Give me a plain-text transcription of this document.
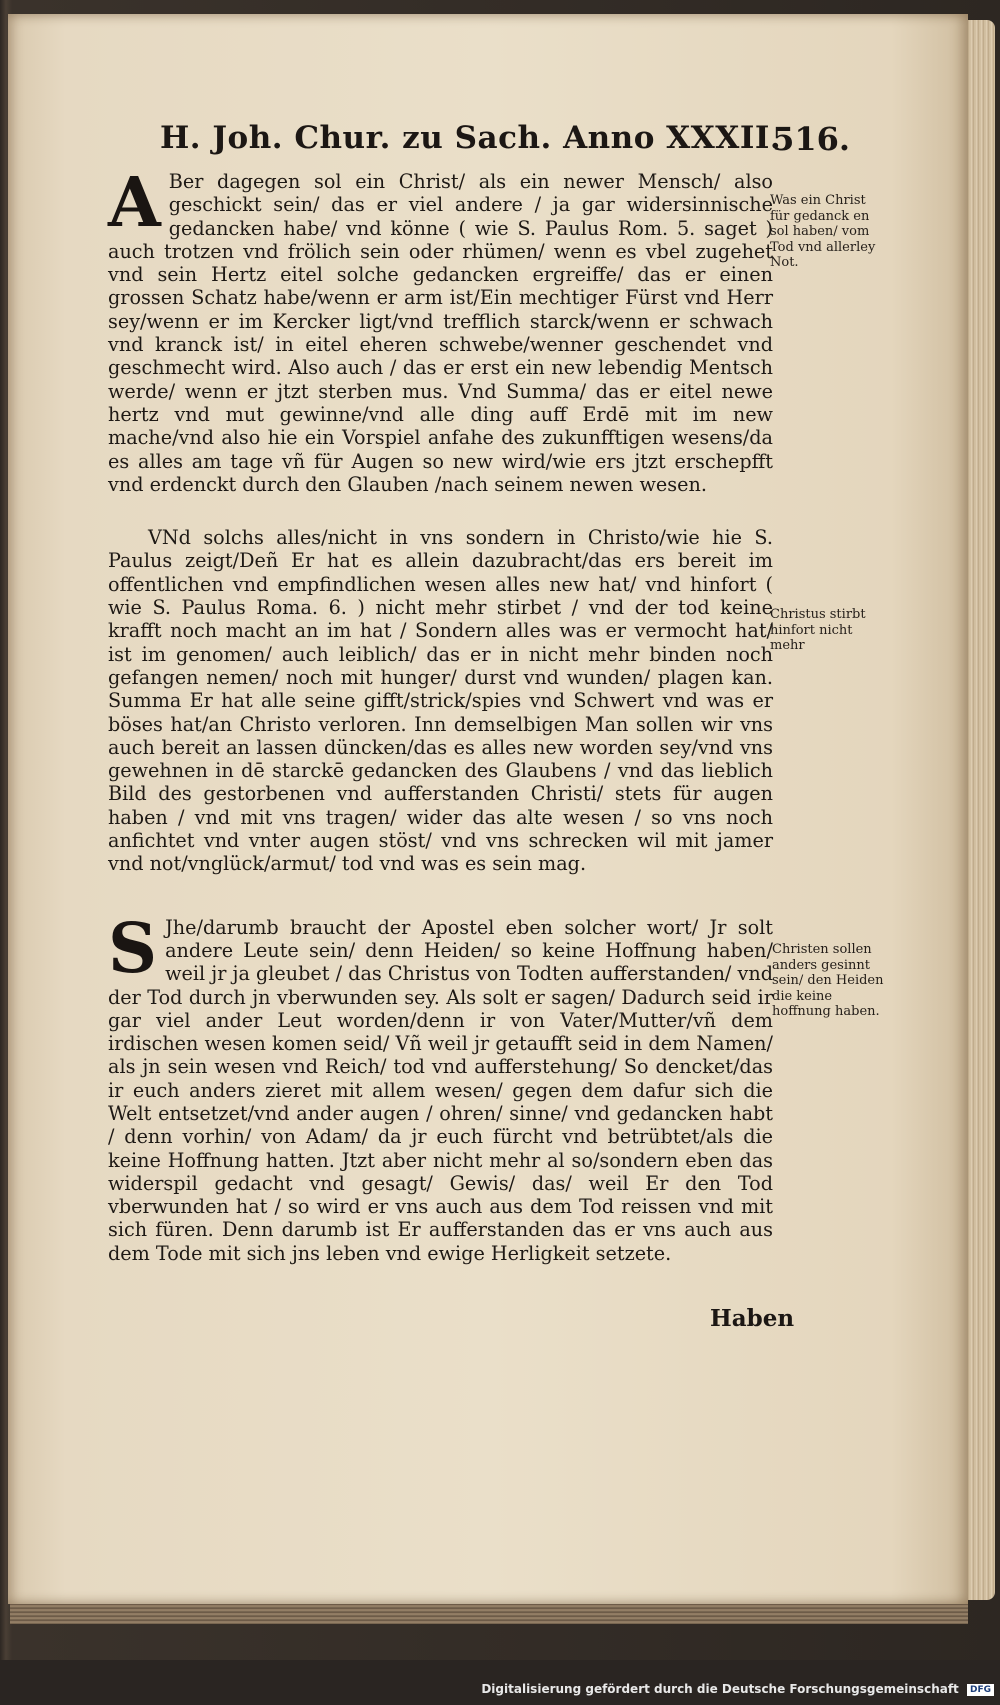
H. Joh. Chur. zu Sach. Anno XXXII.
516.

A Ber dagegen sol ein Christ/ als ein newer Mensch/ also geschickt sein/ das er viel andere / ja gar widersinnische gedancken habe/ vnd könne ( wie S. Paulus Rom. 5. saget ) auch trotzen vnd frölich sein oder rhümen/ wenn es vbel zugehet vnd sein Hertz eitel solche gedancken ergreiffe/ das er einen grossen Schatz habe/wenn er arm ist/Ein mechtiger Fürst vnd Herr sey/wenn er im Kercker ligt/vnd trefflich starck/wenn er schwach vnd kranck ist/ in eitel eheren schwebe/wenner geschendet vnd geschmecht wird. Also auch / das er erst ein new lebendig Mentsch werde/ wenn er jtzt sterben mus. Vnd Summa/ das er eitel newe hertz vnd mut gewinne/vnd alle ding auff Erdē mit im new mache/vnd also hie ein Vorspiel anfahe des zukunfftigen wesens/da es alles am tage vñ für Augen so new wird/wie ers jtzt erschepfft vnd erdenckt durch den Glauben /nach seinem newen wesen.

VNd solchs alles/nicht in vns sondern in Christo/wie hie S. Paulus zeigt/Deñ Er hat es allein dazubracht/das ers bereit im offentlichen vnd empfindlichen wesen alles new hat/ vnd hinfort ( wie S. Paulus Roma. 6. ) nicht mehr stirbet / vnd der tod keine krafft noch macht an im hat / Sondern alles was er vermocht hat/ ist im genomen/ auch leiblich/ das er in nicht mehr binden noch gefangen nemen/ noch mit hunger/ durst vnd wunden/ plagen kan. Summa Er hat alle seine gifft/strick/spies vnd Schwert vnd was er böses hat/an Christo verloren. Inn demselbigen Man sollen wir vns auch bereit an lassen düncken/das es alles new worden sey/vnd vns gewehnen in dē starckē gedancken des Glaubens / vnd das lieblich Bild des gestorbenen vnd aufferstanden Christi/ stets für augen haben / vnd mit vns tragen/ wider das alte wesen / so vns noch anfichtet vnd vnter augen stöst/ vnd vns schrecken wil mit jamer vnd not/vnglück/armut/ tod vnd was es sein mag.

S Jhe/darumb braucht der Apostel eben solcher wort/ Jr solt andere Leute sein/ denn Heiden/ so keine Hoffnung haben/ weil jr ja gleubet / das Christus von Todten aufferstanden/ vnd der Tod durch jn vberwunden sey. Als solt er sagen/ Dadurch seid ir gar viel ander Leut worden/denn ir von Vater/Mutter/vñ dem irdischen wesen komen seid/ Vñ weil jr getaufft seid in dem Namen/ als jn sein wesen vnd Reich/ tod vnd aufferstehung/ So dencket/das ir euch anders zieret mit allem wesen/ gegen dem dafur sich die Welt entsetzet/vnd ander augen / ohren/ sinne/ vnd gedancken habt / denn vorhin/ von Adam/ da jr euch fürcht vnd betrübtet/als die keine Hoffnung hatten. Jtzt aber nicht mehr al so/sondern eben das widerspil gedacht vnd gesagt/ Gewis/ das/ weil Er den Tod vberwunden hat / so wird er vns auch aus dem Tod reissen vnd mit sich füren. Denn darumb ist Er aufferstanden das er vns auch aus dem Tode mit sich jns leben vnd ewige Herligkeit setzete.

Was ein Christ für gedanck en sol haben/ vom Tod vnd allerley Not.
Christus stirbt hinfort nicht mehr
Christen sollen anders gesinnt sein/ den Heiden die keine hoffnung haben.
Haben
Digitalisierung gefördert durch die Deutsche Forschungsgemeinschaft DFG
